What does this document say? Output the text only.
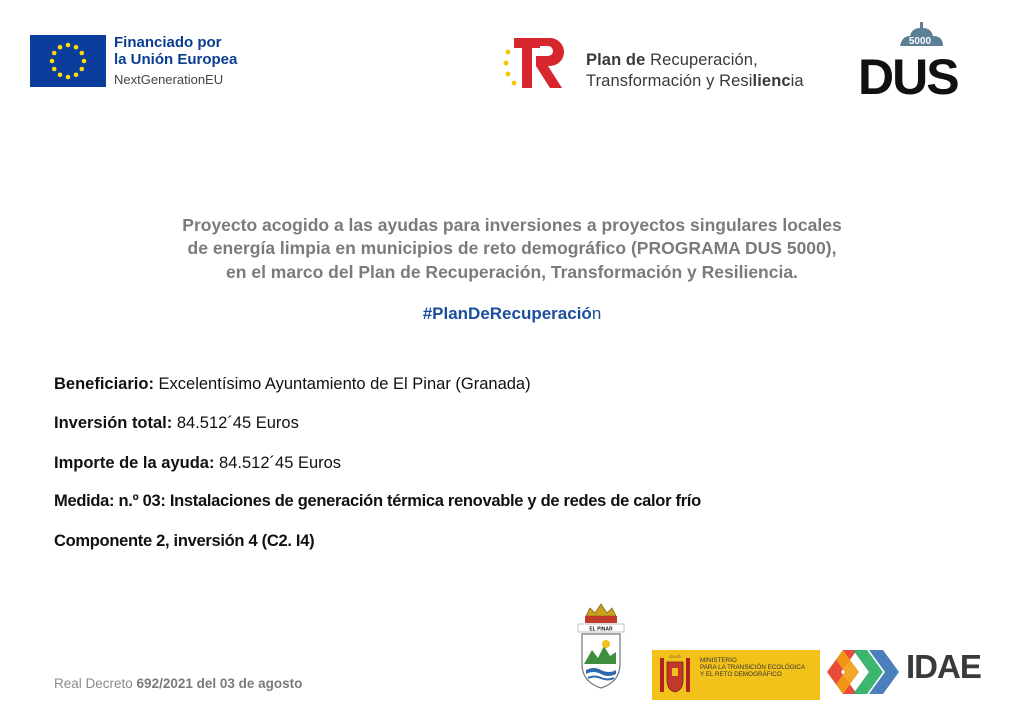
Financiado por
la Unión Europea
NextGenerationEU
Plan de Recuperación,
Transformación y Resiliencia
5000
DUS
Proyecto acogido a las ayudas para inversiones a proyectos singulares locales
de energía limpia en municipios de reto demográfico (PROGRAMA DUS 5000),
en el marco del Plan de Recuperación, Transformación y Resiliencia.
#PlanDeRecuperación
Beneficiario: Excelentísimo Ayuntamiento de El Pinar (Granada)
Inversión total: 84.512´45 Euros
Importe de la ayuda: 84.512´45 Euros
Medida: n.º 03: Instalaciones de generación térmica renovable y de redes de calor frío
Componente 2, inversión 4 (C2. I4)
Real Decreto 692/2021 del 03 de agosto
EL PINAR
MINISTERIO
PARA LA TRANSICIÓN ECOLÓGICA
Y EL RETO DEMOGRÁFICO	IDAE
